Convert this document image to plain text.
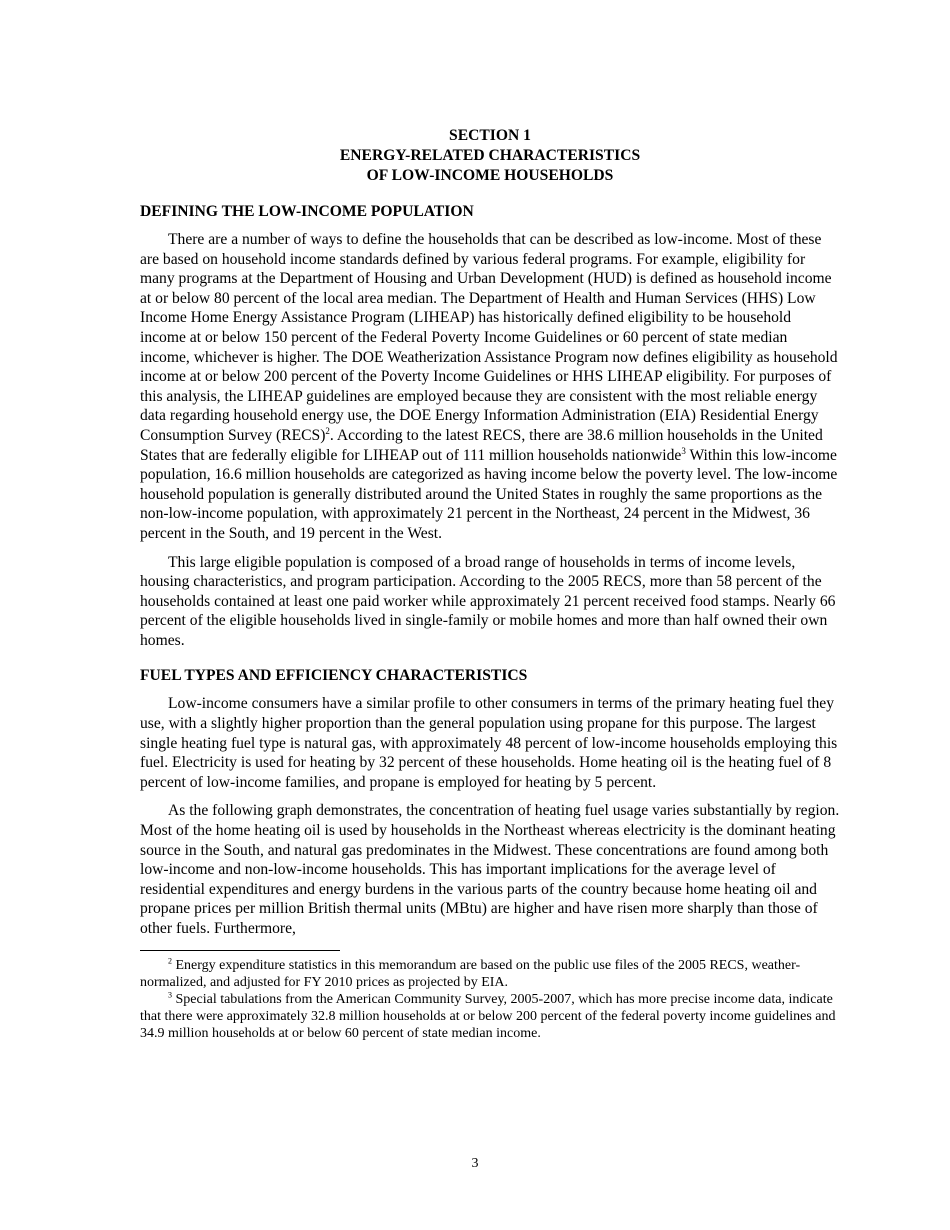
SECTION 1
ENERGY-RELATED CHARACTERISTICS
OF LOW-INCOME HOUSEHOLDS
DEFINING THE LOW-INCOME POPULATION

There are a number of ways to define the households that can be described as low-income. Most of these are based on household income standards defined by various federal programs. For example, eligibility for many programs at the Department of Housing and Urban Development (HUD) is defined as household income at or below 80 percent of the local area median. The Department of Health and Human Services (HHS) Low Income Home Energy Assistance Program (LIHEAP) has historically defined eligibility to be household income at or below 150 percent of the Federal Poverty Income Guidelines or 60 percent of state median income, whichever is higher. The DOE Weatherization Assistance Program now defines eligibility as household income at or below 200 percent of the Poverty Income Guidelines or HHS LIHEAP eligibility. For purposes of this analysis, the LIHEAP guidelines are employed because they are consistent with the most reliable energy data regarding household energy use, the DOE Energy Information Administration (EIA) Residential Energy Consumption Survey (RECS)$^2$. According to the latest RECS, there are 38.6 million households in the United States that are federally eligible for LIHEAP out of 111 million households nationwide$^3$ Within this low-income population, 16.6 million households are categorized as having income below the poverty level. The low-income household population is generally distributed around the United States in roughly the same proportions as the non-low-income population, with approximately 21 percent in the Northeast, 24 percent in the Midwest, 36 percent in the South, and 19 percent in the West.

This large eligible population is composed of a broad range of households in terms of income levels, housing characteristics, and program participation. According to the 2005 RECS, more than 58 percent of the households contained at least one paid worker while approximately 21 percent received food stamps. Nearly 66 percent of the eligible households lived in single-family or mobile homes and more than half owned their own homes.

FUEL TYPES AND EFFICIENCY CHARACTERISTICS

Low-income consumers have a similar profile to other consumers in terms of the primary heating fuel they use, with a slightly higher proportion than the general population using propane for this purpose. The largest single heating fuel type is natural gas, with approximately 48 percent of low-income households employing this fuel. Electricity is used for heating by 32 percent of these households. Home heating oil is the heating fuel of 8 percent of low-income families, and propane is employed for heating by 5 percent.

As the following graph demonstrates, the concentration of heating fuel usage varies substantially by region. Most of the home heating oil is used by households in the Northeast whereas electricity is the dominant heating source in the South, and natural gas predominates in the Midwest. These concentrations are found among both low-income and non-low-income households. This has important implications for the average level of residential expenditures and energy burdens in the various parts of the country because home heating oil and propane prices per million British thermal units (MBtu) are higher and have risen more sharply than those of other fuels. Furthermore,

$^2$ Energy expenditure statistics in this memorandum are based on the public use files of the 2005 RECS, weather-normalized, and adjusted for FY 2010 prices as projected by EIA.

$^3$ Special tabulations from the American Community Survey, 2005-2007, which has more precise income data, indicate that there were approximately 32.8 million households at or below 200 percent of the federal poverty income guidelines and 34.9 million households at or below 60 percent of state median income.

3
